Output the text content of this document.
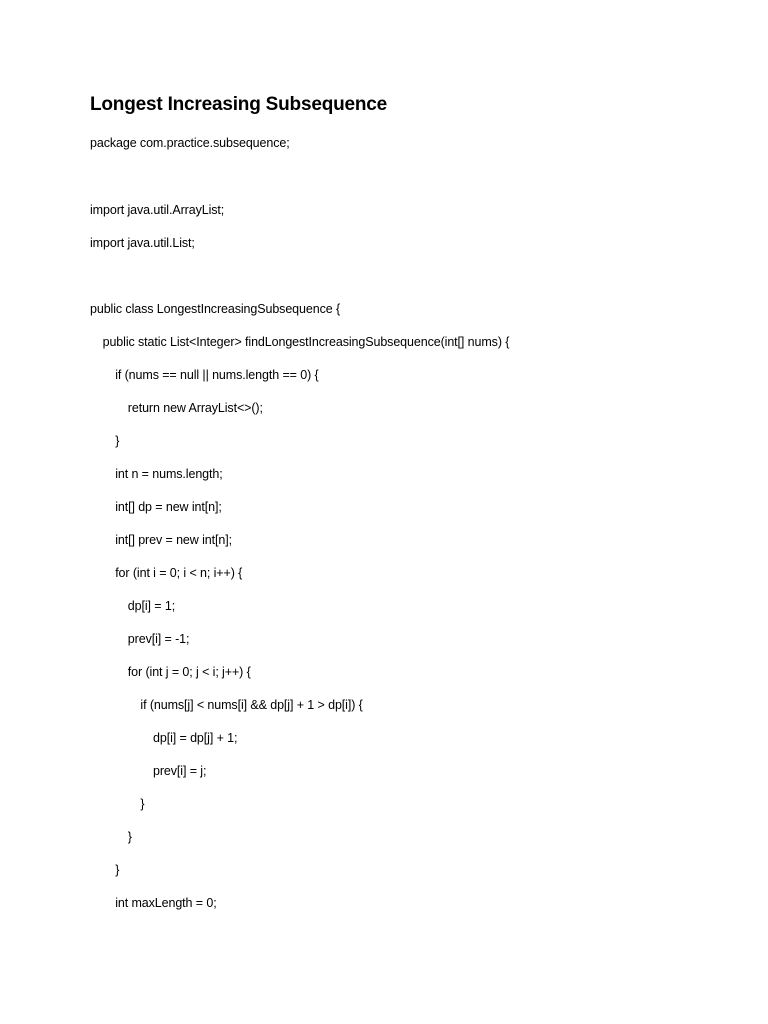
Longest Increasing Subsequence
package com.practice.subsequence;
import java.util.ArrayList;
import java.util.List;
public class LongestIncreasingSubsequence {
public static List<Integer> findLongestIncreasingSubsequence(int[] nums) {
if (nums == null || nums.length == 0) {
return new ArrayList<>();
}
int n = nums.length;
int[] dp = new int[n];
int[] prev = new int[n];
for (int i = 0; i < n; i++) {
dp[i] = 1;
prev[i] = -1;
for (int j = 0; j < i; j++) {
if (nums[j] < nums[i] && dp[j] + 1 > dp[i]) {
dp[i] = dp[j] + 1;
prev[i] = j;
}
}
}
int maxLength = 0;
